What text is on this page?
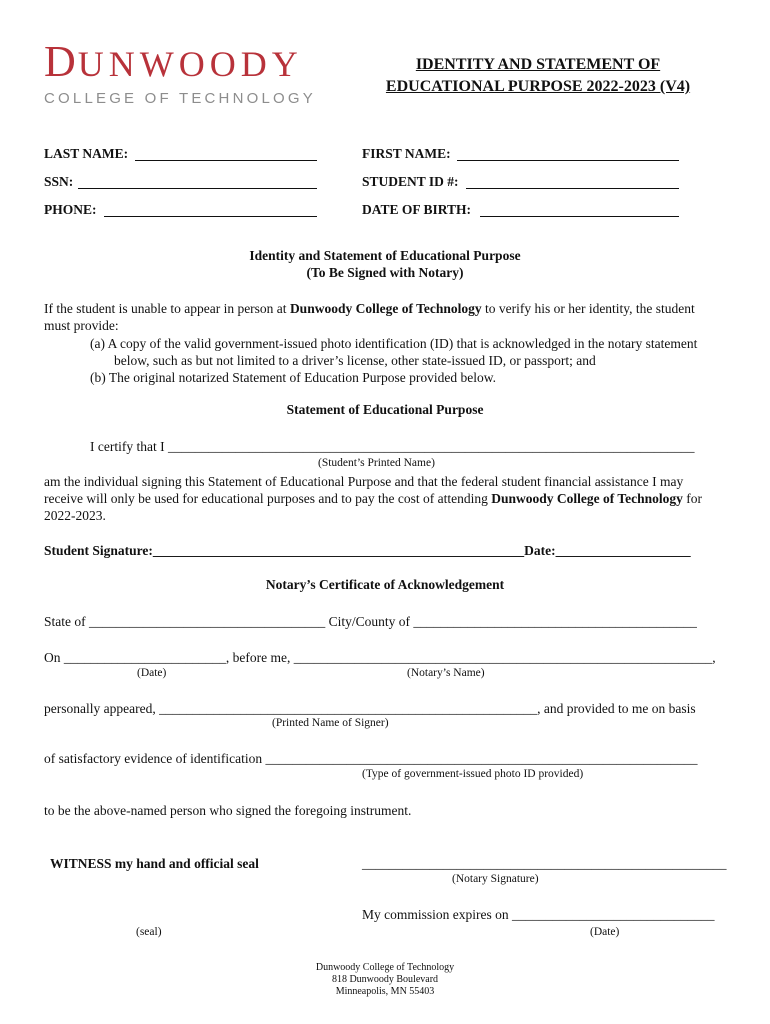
DUNWOODY
COLLEGE OF TECHNOLOGY
IDENTITY AND STATEMENT OF
EDUCATIONAL PURPOSE 2022-2023 (V4)
LAST NAME:	FIRST NAME:
SSN:	STUDENT ID #:
PHONE:	DATE OF BIRTH:
Identity and Statement of Educational Purpose
(To Be Signed with Notary)
If the student is unable to appear in person at Dunwoody College of Technology to verify his or her identity, the student
must provide:
(a) A copy of the valid government-issued photo identification (ID) that is acknowledged in the notary statement
below, such as but not limited to a driver’s license, other state-issued ID, or passport; and
(b) The original notarized Statement of Education Purpose provided below.
Statement of Educational Purpose
I certify that I ______________________________________________________________________________
(Student’s Printed Name)
am the individual signing this Statement of Educational Purpose and that the federal student financial assistance I may
receive will only be used for educational purposes and to pay the cost of attending Dunwoody College of Technology for
2022-2023.
Student Signature:_______________________________________________________Date:____________________
Notary’s Certificate of Acknowledgement
State of ___________________________________ City/County of __________________________________________
On ________________________, before me, ______________________________________________________________,
(Date)	(Notary’s Name)
personally appeared, ________________________________________________________, and provided to me on basis
(Printed Name of Signer)
of satisfactory evidence of identification ________________________________________________________________
(Type of government-issued photo ID provided)
to be the above-named person who signed the foregoing instrument.
WITNESS my hand and official seal	______________________________________________________
(Notary Signature)
My commission expires on ______________________________
(seal)	(Date)
Dunwoody College of Technology
818 Dunwoody Boulevard
Minneapolis, MN 55403
